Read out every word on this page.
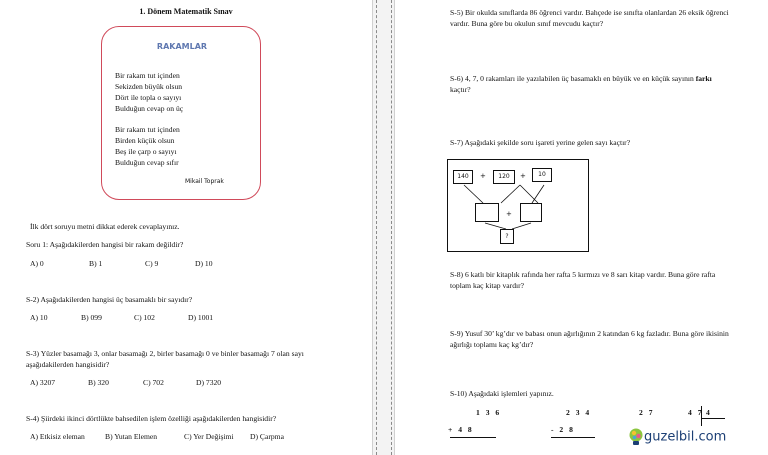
1. Dönem Matematik Sınav
RAKAMLAR
Bir rakam tut içinden
Sekizden büyük olsun
Dört ile topla o sayıyı
Bulduğun cevap on üç
Bir rakam tut içinden
Birden küçük olsun
Beş ile çarp o sayıyı
Bulduğun cevap sıfır
Mikail Toprak
İlk dört soruyu metni dikkat ederek cevaplayınız.
Soru 1: Aşağıdakilerden hangisi bir rakam değildir?
A) 0	B) 1	C) 9	D) 10
S-2) Aşağıdakilerden hangisi üç basamaklı bir sayıdır?
A) 10	B) 099	C) 102	D) 1001
S-3) Yüzler basamağı 3, onlar basamağı 2, birler basamağı 0 ve binler basamağı 7 olan sayı
aşağıdakilerden hangisidir?
A) 3207	B) 320	C) 702	D) 7320
S-4) Şiirdeki ikinci dörtlükte bahsedilen işlem özelliği aşağıdakilerden hangisidir?
A) Etkisiz eleman	B) Yutan Elemen	C) Yer Değişimi D) Çarpma
S-5) Bir okulda sınıflarda 86 öğrenci vardır. Bahçede ise sınıfta olanlardan 26 eksik öğrenci
vardır. Buna göre bu okulun sınıf mevcudu kaçtır?
S-6) 4, 7, 0 rakamları ile yazılabilen üç basamaklı en büyük ve en küçük sayının farkı
kaçtır?
S-7) Aşağıdaki şekilde soru işareti yerine gelen sayı kaçtır?
140	+	120	+	10
+
?
S-8) 6 katlı bir kitaplık rafında her rafta 5 kırmızı ve 8 sarı kitap vardır. Buna göre rafta
toplam kaç kitap vardır?
S-9) Yusuf 30’ kg’dır ve babası onun ağırlığının 2 katından 6 kg fazladır. Buna göre ikisinin
ağırlığı toplamı kaç kg’dır?
S-10) Aşağıdaki işlemleri yapınız.
1 3 6
+ 4 8
2 3 4
- 2 8
2 7	4 7 4
guzelbil.com
